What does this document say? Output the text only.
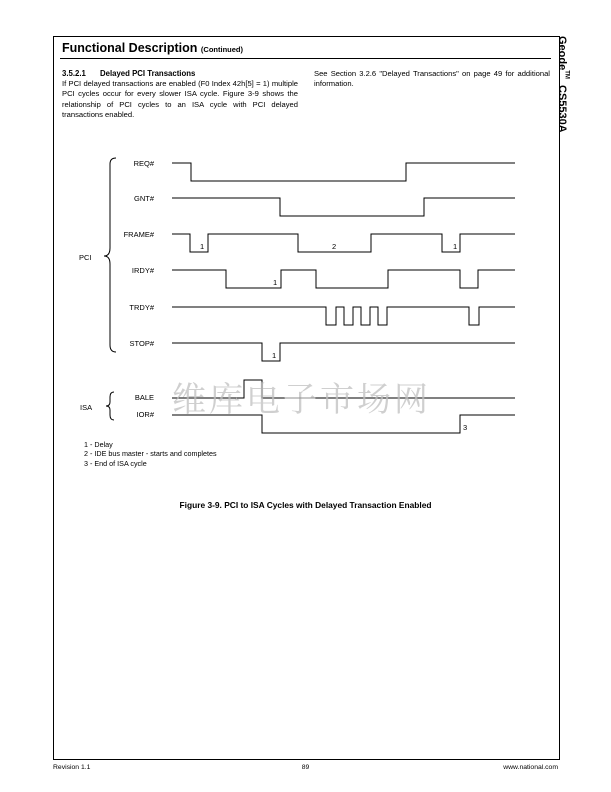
Functional Description (Continued)	Geode™  CS5530A
3.5.2.1 Delayed PCI Transactions
If PCI delayed transactions are enabled (F0 Index 42h[5] = 1) multiple PCI cycles occur for every slower ISA cycle. Figure 3-9 shows the relationship of PCI cycles to an ISA cycle with PCI delayed transactions enabled.
See Section 3.2.6 "Delayed Transactions" on page 49 for additional information.
PCI
ISA
REQ#
GNT#
FRAME#
IRDY#
TRDY#
STOP#
BALE
IOR#
1	2	1
1
1
3
维库电子市场网
1 - Delay
2 - IDE bus master - starts and completes
3 - End of ISA cycle
Figure 3-9. PCI to ISA Cycles with Delayed Transaction Enabled
Revision 1.1	89	www.national.com
